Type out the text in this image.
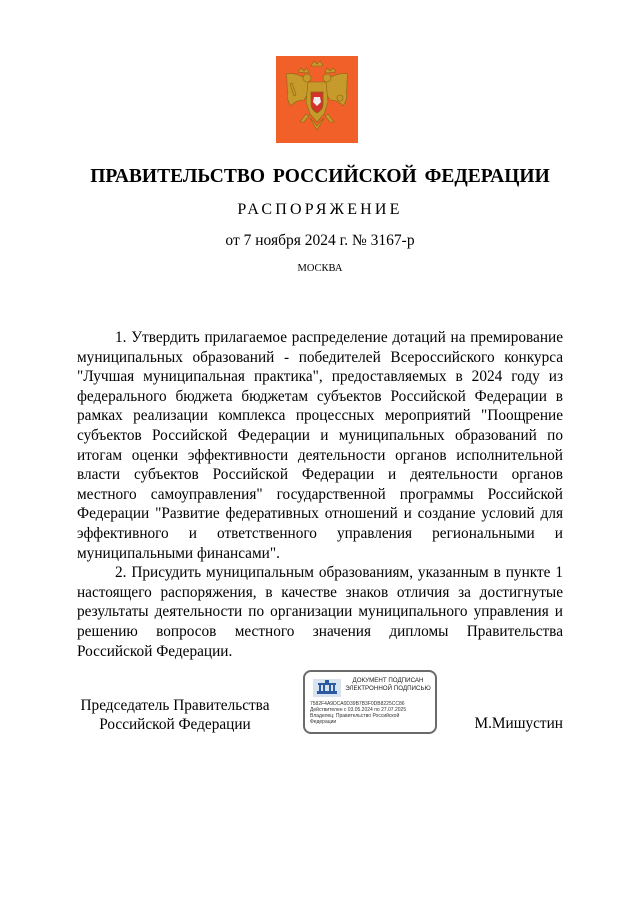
ПРАВИТЕЛЬСТВО РОССИЙСКОЙ ФЕДЕРАЦИИ
РАСПОРЯЖЕНИЕ
от 7 ноября 2024 г. № 3167-р
МОСКВА

1. Утвердить прилагаемое распределение дотаций на премирование муниципальных образований - победителей Всероссийского конкурса "Лучшая муниципальная практика", предоставляемых в 2024 году из федерального бюджета бюджетам субъектов Российской Федерации в рамках реализации комплекса процессных мероприятий "Поощрение субъектов Российской Федерации и муниципальных образований по итогам оценки эффективности деятельности органов исполнительной власти субъектов Российской Федерации и деятельности органов местного самоуправления" государственной программы Российской Федерации "Развитие федеративных отношений и создание условий для эффективного и ответственного управления региональными и муниципальными финансами".

2. Присудить муниципальным образованиям, указанным в пункте 1 настоящего распоряжения, в качестве знаков отличия за достигнутые результаты деятельности по организации муниципального управления и решению вопросов местного значения дипломы Правительства Российской Федерации.

Председатель Правительства
Российской Федерации
ДОКУМЕНТ ПОДПИСАН
ЭЛЕКТРОННОЙ ПОДПИСЬЮ
7582F4A9DCA0D39B7B3F0DB8225CC86
Действителен с 03.05.2024 по 27.07.2025
Владелец: Правительство Российской
Федерации	М.Мишустин
